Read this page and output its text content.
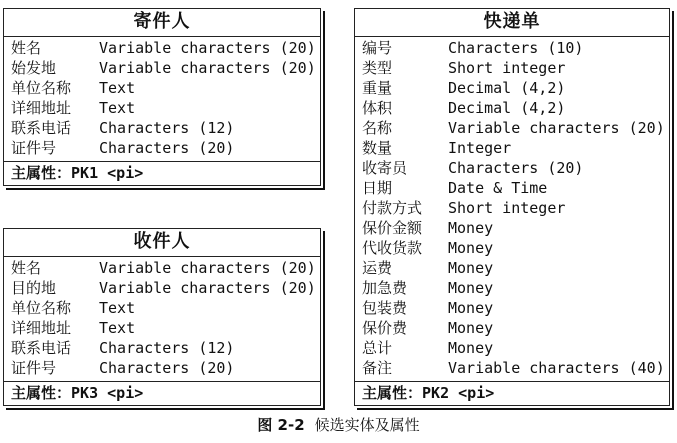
寄件人
姓名	Variable characters (20)
始发地	Variable characters (20)
单位名称 Text
详细地址 Text
联系电话 Characters (12)
证件号	Characters (20)
主属性：PK1 <pi>
收件人
姓名	Variable characters (20)
目的地	Variable characters (20)
单位名称 Text
详细地址 Text
联系电话 Characters (12)
证件号	Characters (20)
主属性：PK3 <pi>
快递单
编号	Characters (10)
类型	Short integer
重量	Decimal (4,2)
体积	Decimal (4,2)
名称	Variable characters (20)
数量	Integer
收寄员	Characters (20)
日期	Date & Time
付款方式 Short integer
保价金额 Money
代收货款 Money
运费	Money
加急费	Money
包装费	Money
保价费	Money
总计	Money
备注	Variable characters (40)
主属性：PK2 <pi>
图 2-2 候选实体及属性
